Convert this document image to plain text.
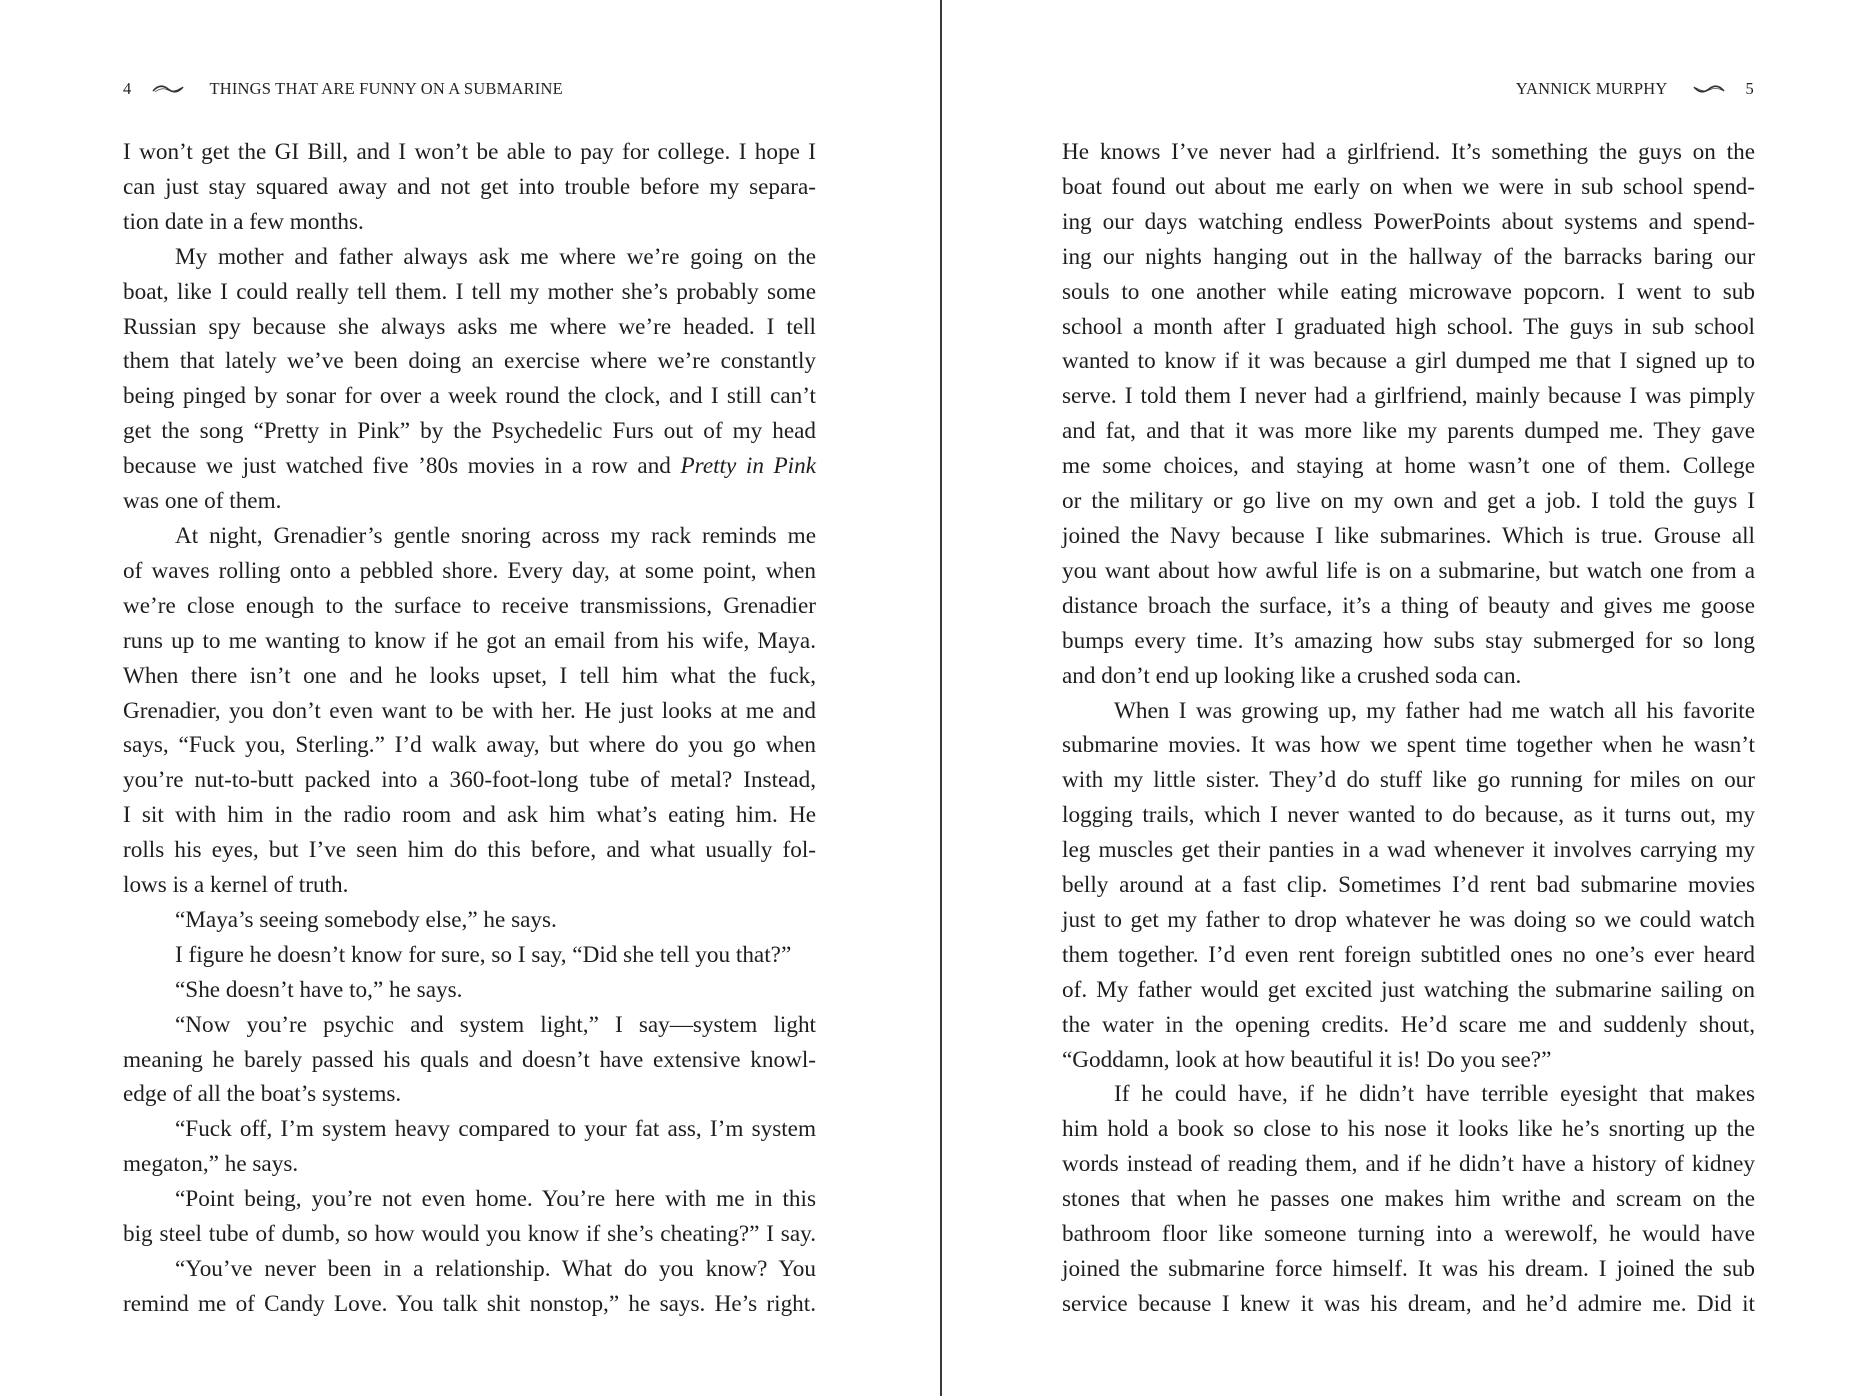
4	THINGS THAT ARE FUNNY ON A SUBMARINE

I won’t get the GI Bill, and I won’t be able to pay for college. I hope I

can just stay squared away and not get into trouble before my separa-

tion date in a few months.

My mother and father always ask me where we’re going on the

boat, like I could really tell them. I tell my mother she’s probably some

Russian spy because she always asks me where we’re headed. I tell

them that lately we’ve been doing an exercise where we’re constantly

being pinged by sonar for over a week round the clock, and I still can’t

get the song “Pretty in Pink” by the Psychedelic Furs out of my head

because we just watched five ’80s movies in a row and Pretty in Pink

was one of them.

At night, Grenadier’s gentle snoring across my rack reminds me

of waves rolling onto a pebbled shore. Every day, at some point, when

we’re close enough to the surface to receive transmissions, Grenadier

runs up to me wanting to know if he got an email from his wife, Maya.

When there isn’t one and he looks upset, I tell him what the fuck,

Grenadier, you don’t even want to be with her. He just looks at me and

says, “Fuck you, Sterling.” I’d walk away, but where do you go when

you’re nut-to-butt packed into a 360-foot-long tube of metal? Instead,

I sit with him in the radio room and ask him what’s eating him. He

rolls his eyes, but I’ve seen him do this before, and what usually fol-

lows is a kernel of truth.

“Maya’s seeing somebody else,” he says.

I figure he doesn’t know for sure, so I say, “Did she tell you that?”

“She doesn’t have to,” he says.

“Now you’re psychic and system light,” I say—system light

meaning he barely passed his quals and doesn’t have extensive knowl-

edge of all the boat’s systems.

“Fuck off, I’m system heavy compared to your fat ass, I’m system

megaton,” he says.

“Point being, you’re not even home. You’re here with me in this

big steel tube of dumb, so how would you know if she’s cheating?” I say.

“You’ve never been in a relationship. What do you know? You

remind me of Candy Love. You talk shit nonstop,” he says. He’s right.

YANNICK MURPHY	5

He knows I’ve never had a girlfriend. It’s something the guys on the

boat found out about me early on when we were in sub school spend-

ing our days watching endless PowerPoints about systems and spend-

ing our nights hanging out in the hallway of the barracks baring our

souls to one another while eating microwave popcorn. I went to sub

school a month after I graduated high school. The guys in sub school

wanted to know if it was because a girl dumped me that I signed up to

serve. I told them I never had a girlfriend, mainly because I was pimply

and fat, and that it was more like my parents dumped me. They gave

me some choices, and staying at home wasn’t one of them. College

or the military or go live on my own and get a job. I told the guys I

joined the Navy because I like submarines. Which is true. Grouse all

you want about how awful life is on a submarine, but watch one from a

distance broach the surface, it’s a thing of beauty and gives me goose

bumps every time. It’s amazing how subs stay submerged for so long

and don’t end up looking like a crushed soda can.

When I was growing up, my father had me watch all his favorite

submarine movies. It was how we spent time together when he wasn’t

with my little sister. They’d do stuff like go running for miles on our

logging trails, which I never wanted to do because, as it turns out, my

leg muscles get their panties in a wad whenever it involves carrying my

belly around at a fast clip. Sometimes I’d rent bad submarine movies

just to get my father to drop whatever he was doing so we could watch

them together. I’d even rent foreign subtitled ones no one’s ever heard

of. My father would get excited just watching the submarine sailing on

the water in the opening credits. He’d scare me and suddenly shout,

“Goddamn, look at how beautiful it is! Do you see?”

If he could have, if he didn’t have terrible eyesight that makes

him hold a book so close to his nose it looks like he’s snorting up the

words instead of reading them, and if he didn’t have a history of kidney

stones that when he passes one makes him writhe and scream on the

bathroom floor like someone turning into a werewolf, he would have

joined the submarine force himself. It was his dream. I joined the sub

service because I knew it was his dream, and he’d admire me. Did it
